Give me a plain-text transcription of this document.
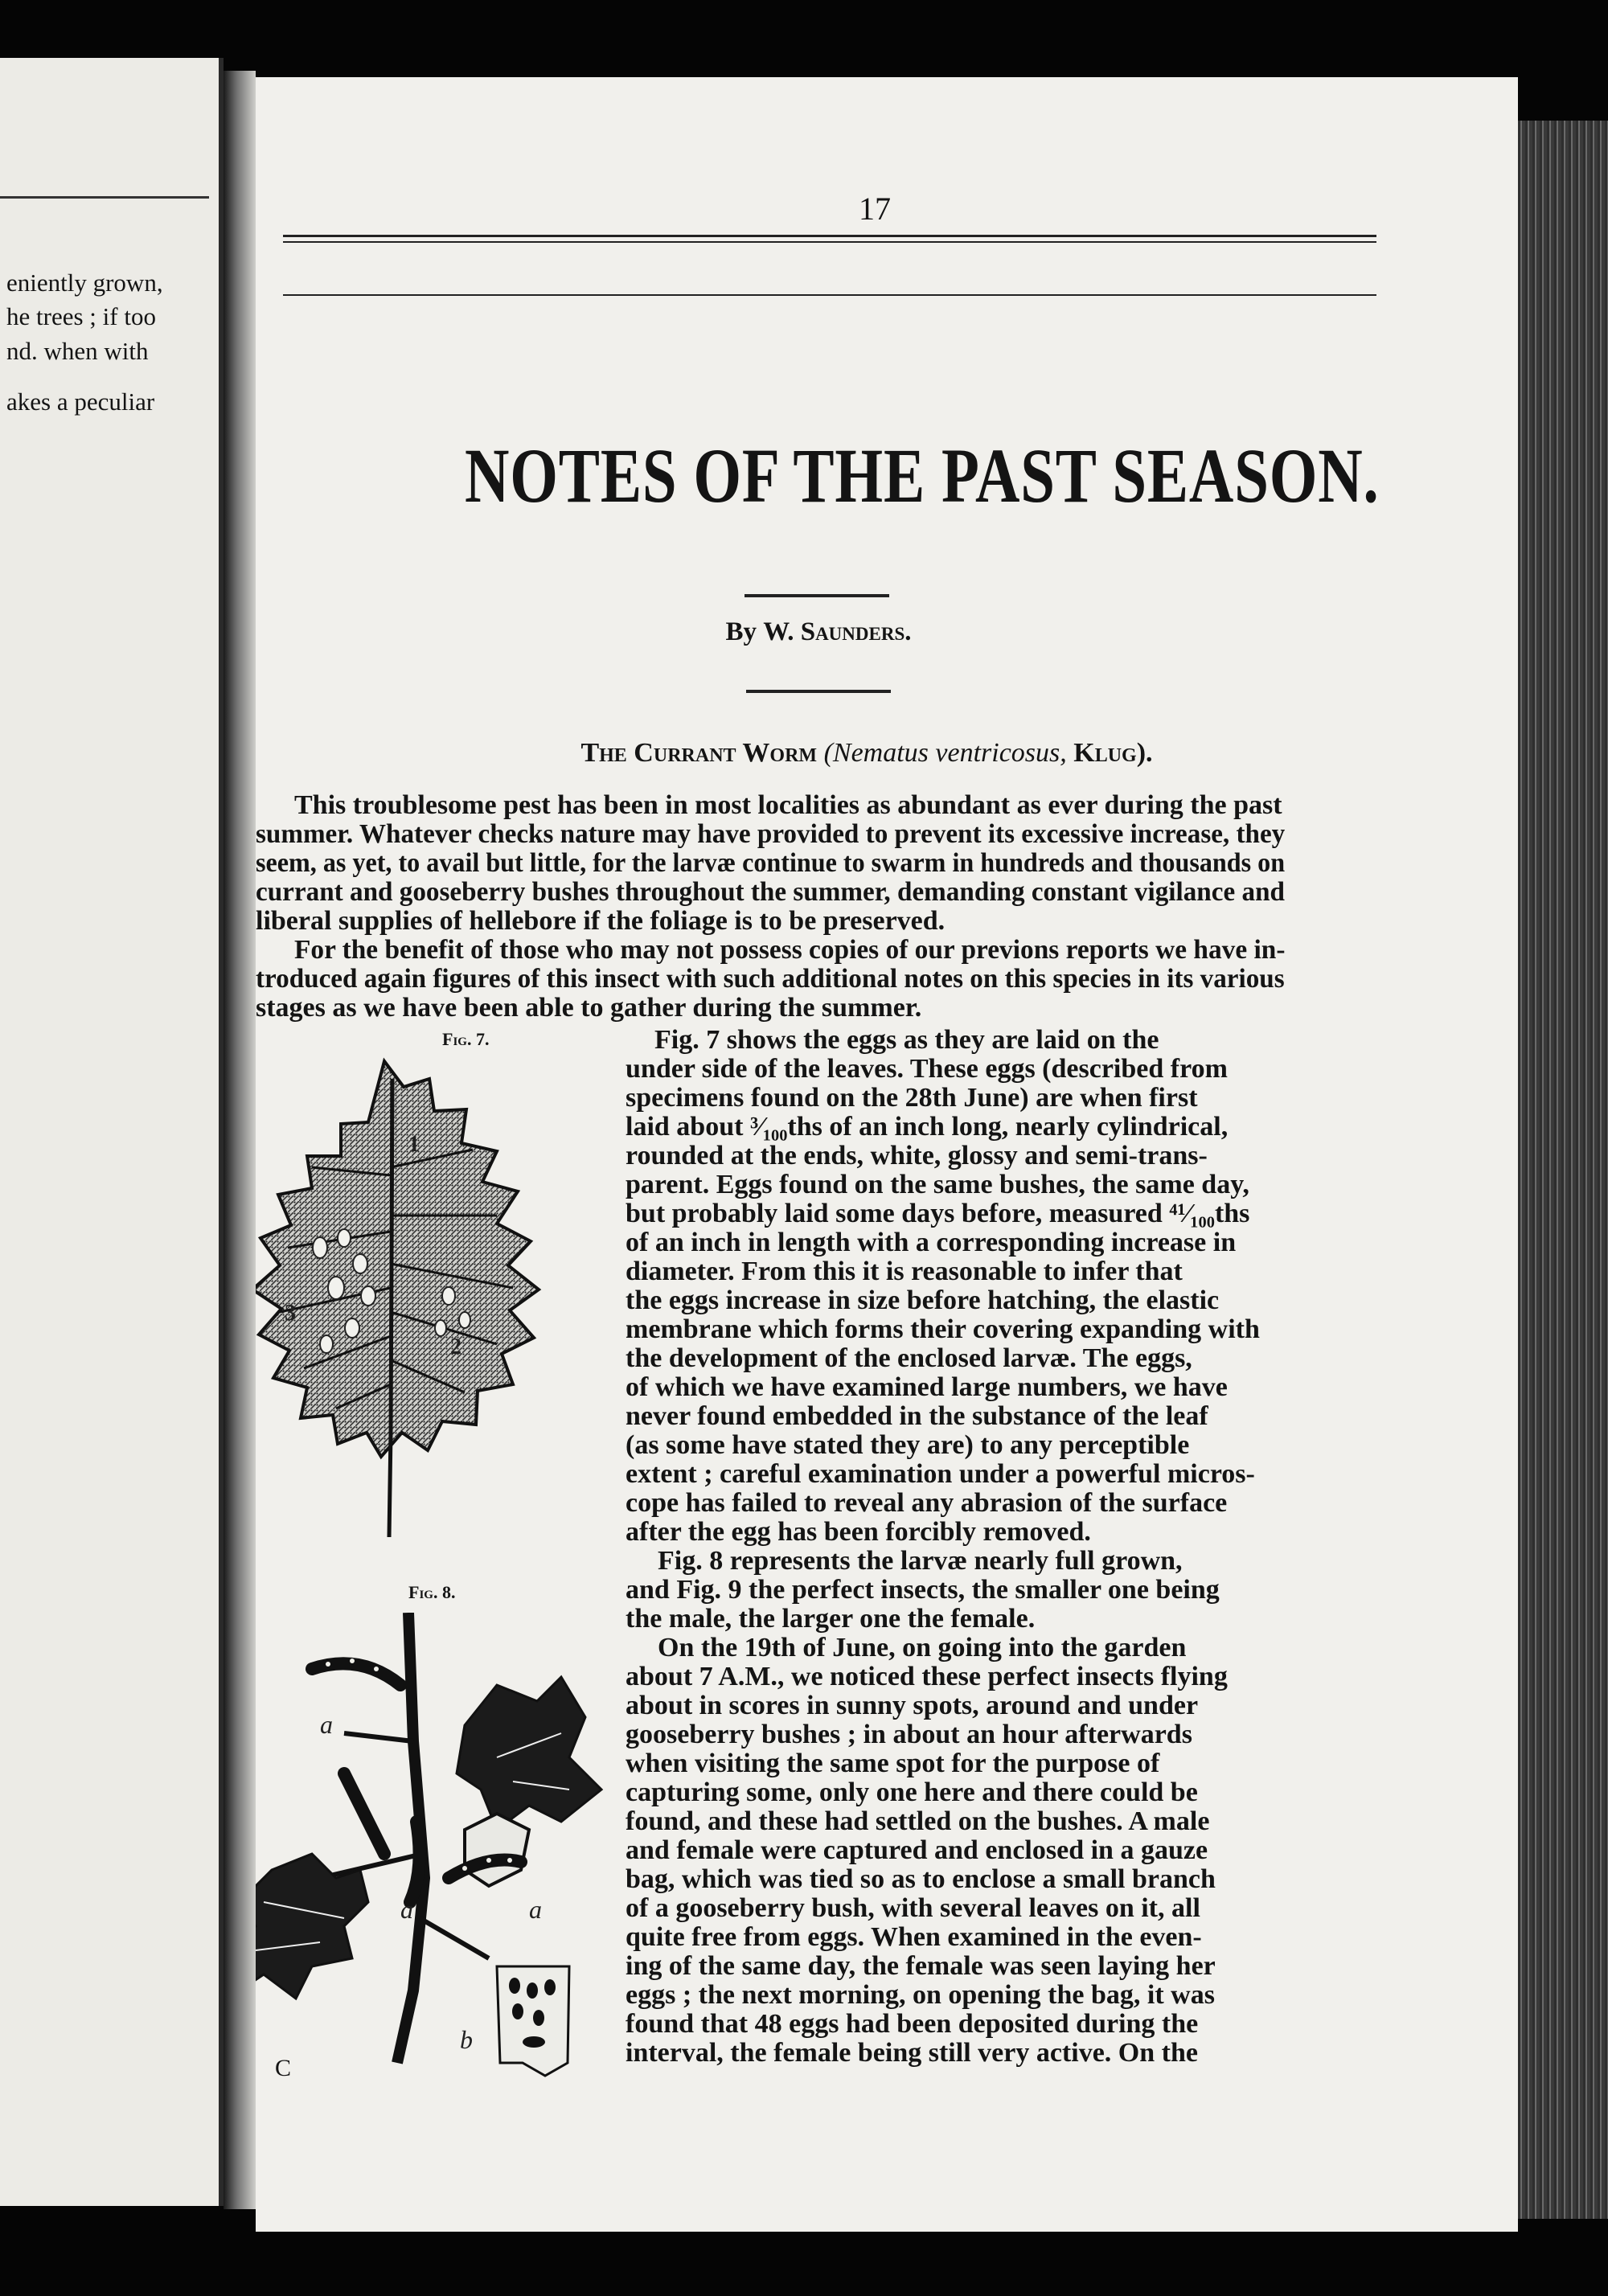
eniently grown,
he trees ; if too
nd. when with
akes a peculiar
17
NOTES OF THE PAST SEASON.
By W. Saunders.
The Currant Worm (Nematus ventricosus, Klug).
This troublesome pest has been in most localities as abundant as ever during the past
summer. Whatever checks nature may have provided to prevent its excessive increase, they
seem, as yet, to avail but little, for the larvæ continue to swarm in hundreds and thousands on
currant and gooseberry bushes throughout the summer, demanding constant vigilance and
liberal supplies of hellebore if the foliage is to be preserved.
For the benefit of those who may not possess copies of our previons reports we have in-
troduced again figures of this insect with such additional notes on this species in its various
stages as we have been able to gather during the summer.
Fig. 7.
1
2
3
Fig. 7 shows the eggs as they are laid on the
under side of the leaves. These eggs (described from
specimens found on the 28th June) are when first
laid about ³⁄₁₀₀ths of an inch long, nearly cylindrical,
rounded at the ends, white, glossy and semi-trans-
parent. Eggs found on the same bushes, the same day,
but probably laid some days before, measured ⁴¹⁄₁₀₀ths
of an inch in length with a corresponding increase in
diameter. From this it is reasonable to infer that
the eggs increase in size before hatching, the elastic
membrane which forms their covering expanding with
the development of the enclosed larvæ. The eggs,
of which we have examined large numbers, we have
never found embedded in the substance of the leaf
(as some have stated they are) to any perceptible
extent ; careful examination under a powerful micros-
cope has failed to reveal any abrasion of the surface
after the egg has been forcibly removed.
Fig. 8.
a
a	a
b
Fig. 8 represents the larvæ nearly full grown,
and Fig. 9 the perfect insects, the smaller one being
the male, the larger one the female.
On the 19th of June, on going into the garden
about 7 A.M., we noticed these perfect insects flying
about in scores in sunny spots, around and under
gooseberry bushes ; in about an hour afterwards
when visiting the same spot for the purpose of
capturing some, only one here and there could be
found, and these had settled on the bushes. A male
and female were captured and enclosed in a gauze
bag, which was tied so as to enclose a small branch
of a gooseberry bush, with several leaves on it, all
quite free from eggs. When examined in the even-
ing of the same day, the female was seen laying her
eggs ; the next morning, on opening the bag, it was
found that 48 eggs had been deposited during the
interval, the female being still very active. On the
C
